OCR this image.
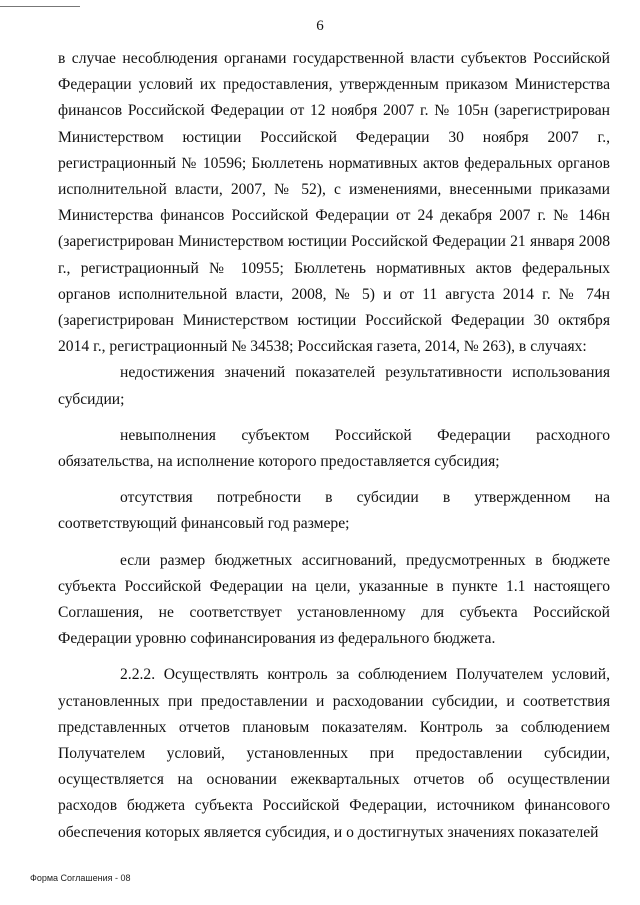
6

в случае несоблюдения органами государственной власти субъектов Российской Федерации условий их предоставления, утвержденным приказом Министерства финансов Российской Федерации от 12 ноября 2007 г. № 105н (зарегистрирован Министерством юстиции Российской Федерации 30 ноября 2007 г., регистрационный № 10596; Бюллетень нормативных актов федеральных органов исполнительной власти, 2007, № 52), с изменениями, внесенными приказами Министерства финансов Российской Федерации от 24 декабря 2007 г. № 146н (зарегистрирован Министерством юстиции Российской Федерации 21 января 2008 г., регистрационный № 10955; Бюллетень нормативных актов федеральных органов исполнительной власти, 2008, № 5) и от 11 августа 2014 г. № 74н (зарегистрирован Министерством юстиции Российской Федерации 30 октября 2014 г., регистрационный № 34538; Российская газета, 2014, № 263), в случаях:

недостижения значений показателей результативности использования субсидии;

невыполнения субъектом Российской Федерации расходного обязательства, на исполнение которого предоставляется субсидия;

отсутствия потребности в субсидии в утвержденном на соответствующий финансовый год размере;

если размер бюджетных ассигнований, предусмотренных в бюджете субъекта Российской Федерации на цели, указанные в пункте 1.1 настоящего Соглашения, не соответствует установленному для субъекта Российской Федерации уровню софинансирования из федерального бюджета.

2.2.2. Осуществлять контроль за соблюдением Получателем условий, установленных при предоставлении и расходовании субсидии, и соответствия представленных отчетов плановым показателям. Контроль за соблюдением Получателем условий, установленных при предоставлении субсидии, осуществляется на основании ежеквартальных отчетов об осуществлении расходов бюджета субъекта Российской Федерации, источником финансового обеспечения которых является субсидия, и о достигнутых значениях показателей

Форма Соглашения - 08
